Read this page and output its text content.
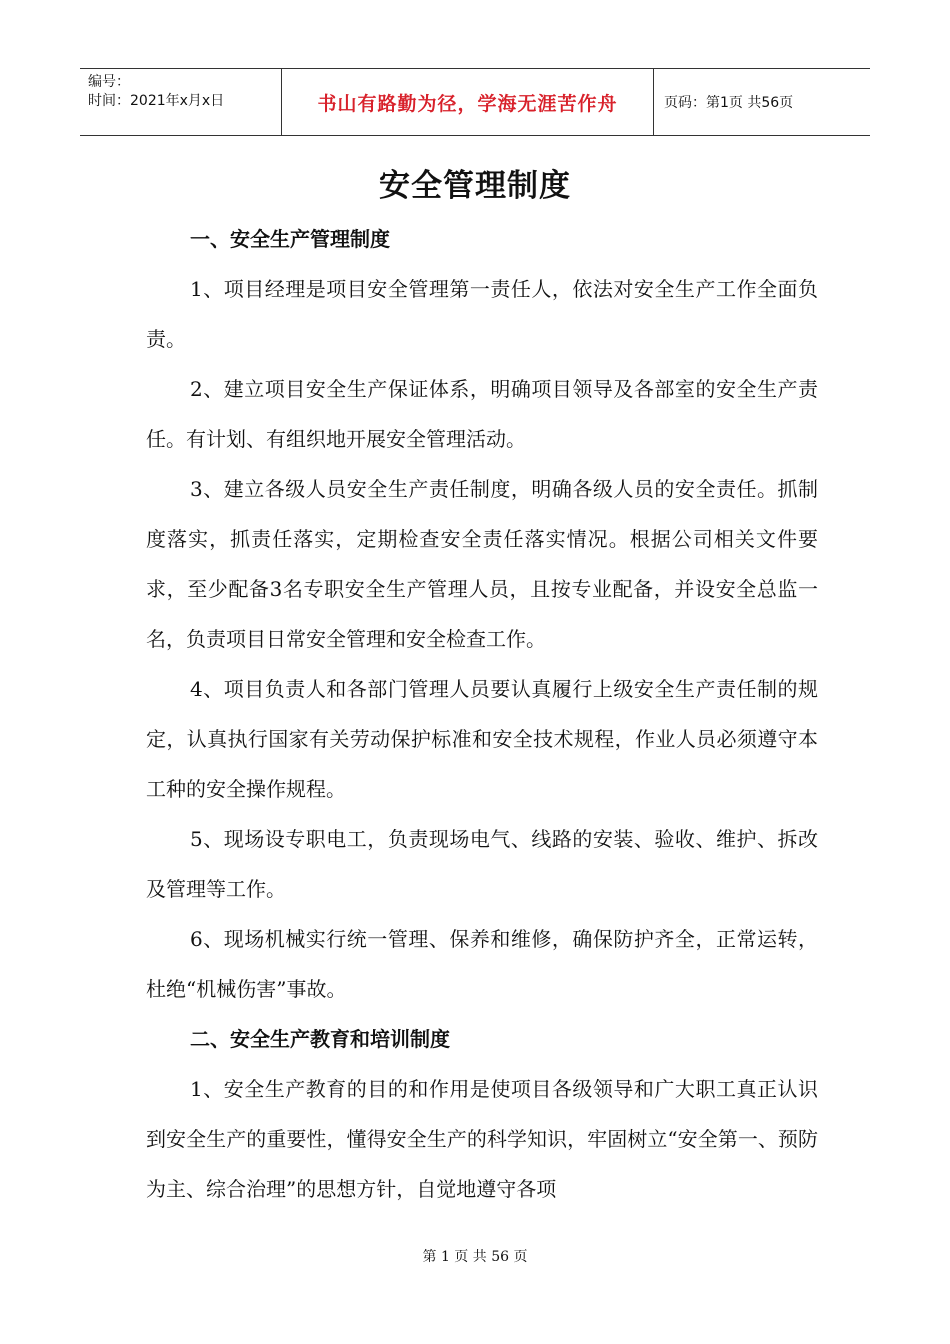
编号：
时间：2021年x月x日	书山有路勤为径，学海无涯苦作舟	页码：第1页 共56页
安全管理制度
一、安全生产管理制度

1、项目经理是项目安全管理第一责任人，依法对安全生产工作全面负责。

2、建立项目安全生产保证体系，明确项目领导及各部室的安全生产责任。有计划、有组织地开展安全管理活动。

3、建立各级人员安全生产责任制度，明确各级人员的安全责任。抓制度落实，抓责任落实，定期检查安全责任落实情况。根据公司相关文件要求，至少配备3名专职安全生产管理人员，且按专业配备，并设安全总监一名，负责项目日常安全管理和安全检查工作。

4、项目负责人和各部门管理人员要认真履行上级安全生产责任制的规定，认真执行国家有关劳动保护标准和安全技术规程，作业人员必须遵守本工种的安全操作规程。

5、现场设专职电工，负责现场电气、线路的安装、验收、维护、拆改及管理等工作。

6、现场机械实行统一管理、保养和维修，确保防护齐全，正常运转，杜绝“机械伤害”事故。

二、安全生产教育和培训制度

1、安全生产教育的目的和作用是使项目各级领导和广大职工真正认识到安全生产的重要性，懂得安全生产的科学知识，牢固树立“安全第一、预防为主、综合治理”的思想方针，自觉地遵守各项

第 1 页 共 56 页
